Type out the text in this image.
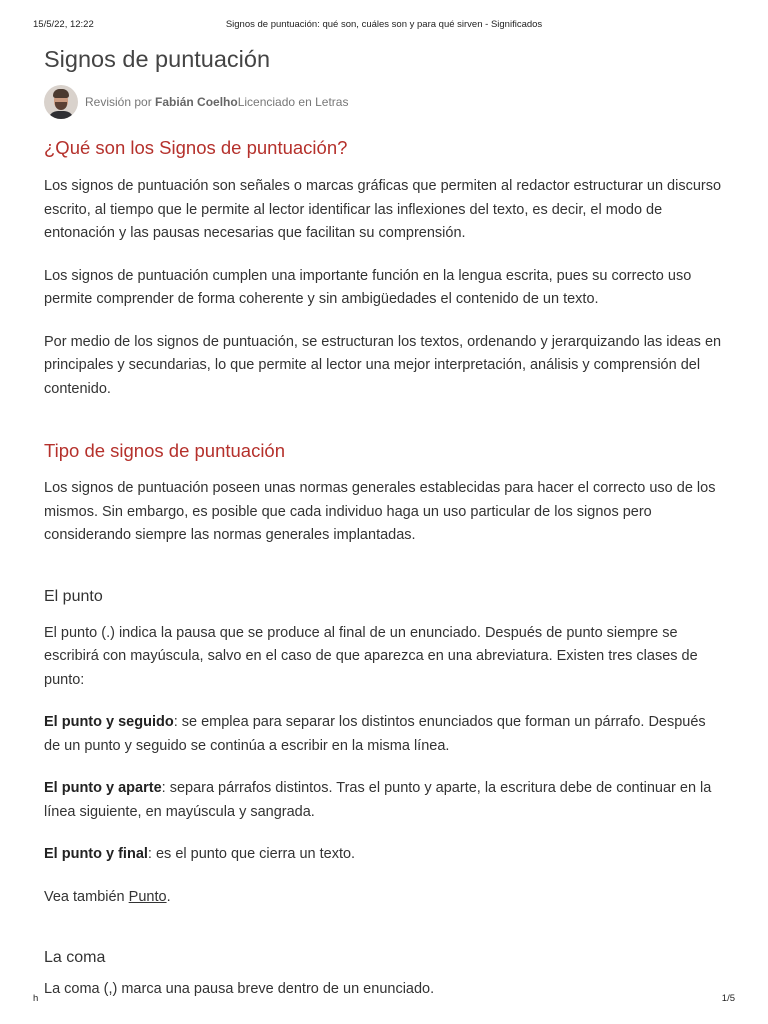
15/5/22, 12:22	Signos de puntuación: qué son, cuáles son y para qué sirven - Significados
Signos de puntuación
Revisión por Fabián CoelhoLicenciado en Letras
¿Qué son los Signos de puntuación?

Los signos de puntuación son señales o marcas gráficas que permiten al redactor estructurar un discurso escrito, al tiempo que le permite al lector identificar las inflexiones del texto, es decir, el modo de entonación y las pausas necesarias que facilitan su comprensión.

Los signos de puntuación cumplen una importante función en la lengua escrita, pues su correcto uso permite comprender de forma coherente y sin ambigüedades el contenido de un texto.

Por medio de los signos de puntuación, se estructuran los textos, ordenando y jerarquizando las ideas en principales y secundarias, lo que permite al lector una mejor interpretación, análisis y comprensión del contenido.

Tipo de signos de puntuación

Los signos de puntuación poseen unas normas generales establecidas para hacer el correcto uso de los mismos. Sin embargo, es posible que cada individuo haga un uso particular de los signos pero considerando siempre las normas generales implantadas.

El punto

El punto (.) indica la pausa que se produce al final de un enunciado. Después de punto siempre se escribirá con mayúscula, salvo en el caso de que aparezca en una abreviatura. Existen tres clases de punto:

El punto y seguido: se emplea para separar los distintos enunciados que forman un párrafo. Después de un punto y seguido se continúa a escribir en la misma línea.

El punto y aparte: separa párrafos distintos. Tras el punto y aparte, la escritura debe de continuar en la línea siguiente, en mayúscula y sangrada.

El punto y final: es el punto que cierra un texto.

Vea también Punto.

La coma

La coma (,) marca una pausa breve dentro de un enunciado.

h	1/5
